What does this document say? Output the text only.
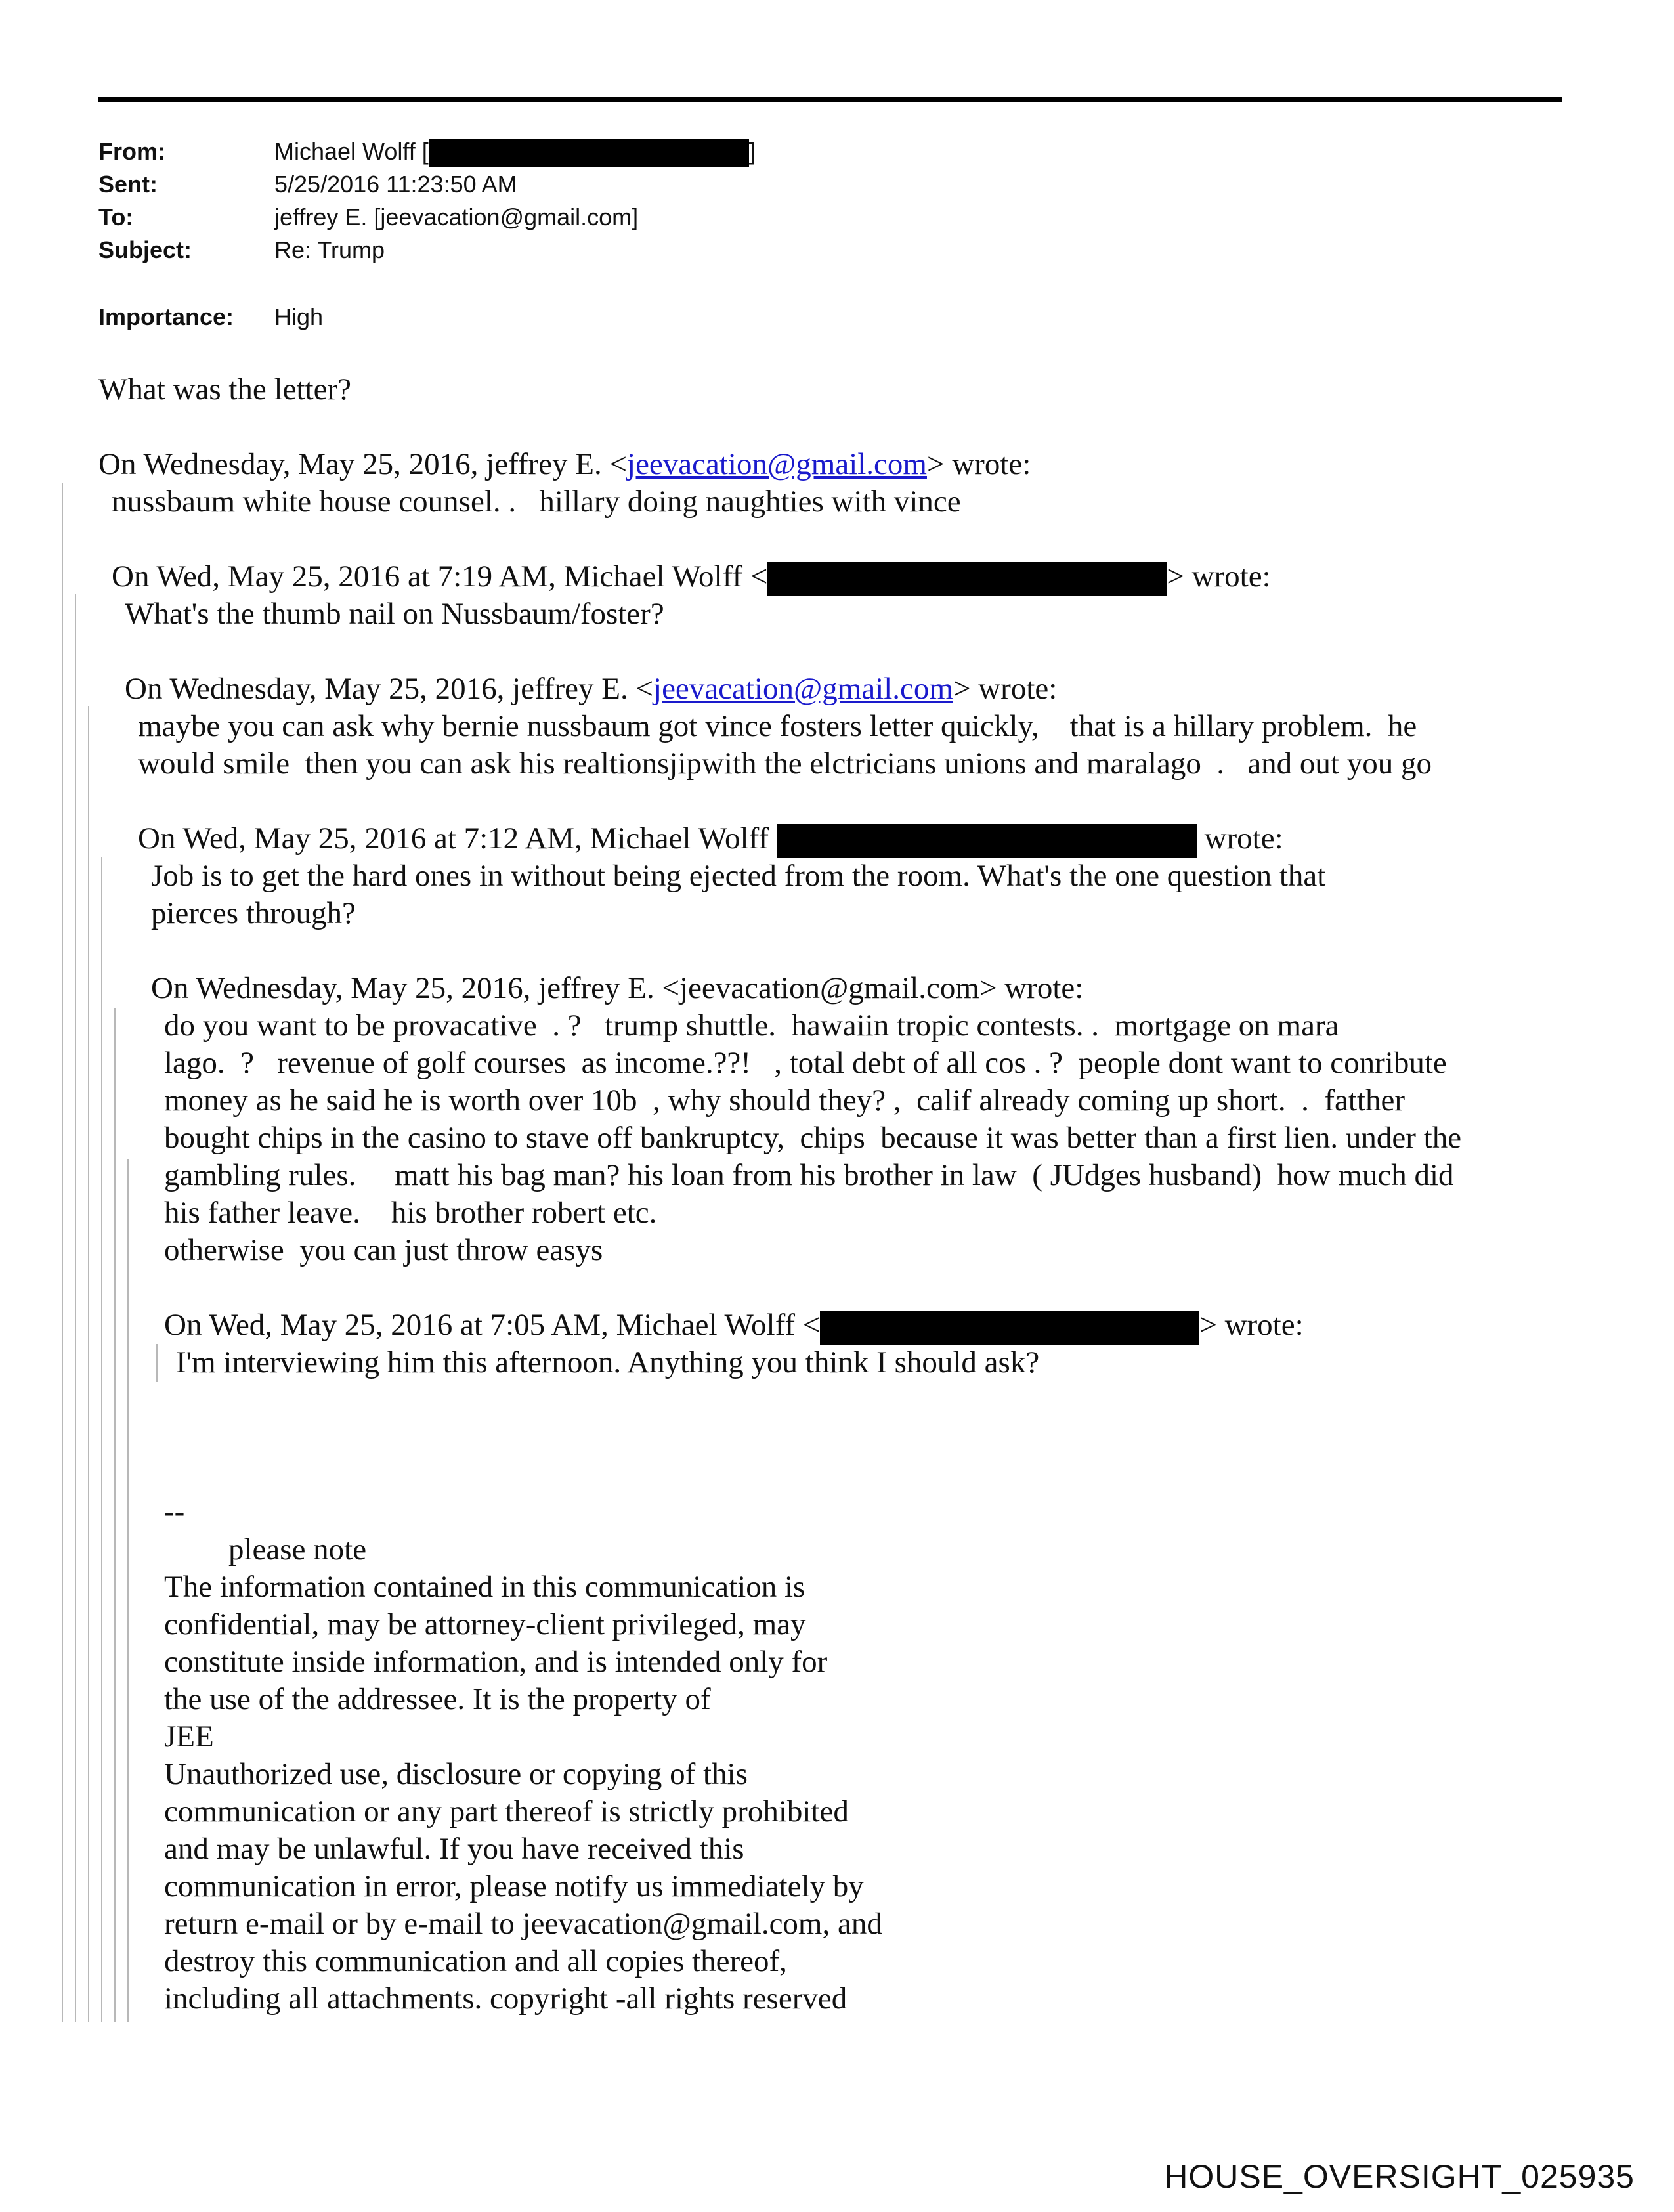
From:	Michael Wolff [	]
Sent:	5/25/2016 11:23:50 AM
To:	jeffrey E. [jeevacation@gmail.com]
Subject:	Re: Trump
Importance: High
What was the letter?
On Wednesday, May 25, 2016, jeffrey E. <jeevacation@gmail.com> wrote:
nussbaum white house counsel. .   hillary doing naughties with vince
On Wed, May 25, 2016 at 7:19 AM, Michael Wolff <	> wrote:
What's the thumb nail on Nussbaum/foster?
On Wednesday, May 25, 2016, jeffrey E. <jeevacation@gmail.com> wrote:
maybe you can ask why bernie nussbaum got vince fosters letter quickly,    that is a hillary problem.  he
would smile  then you can ask his realtionsjipwith the elctricians unions and maralago  .   and out you go
On Wed, May 25, 2016 at 7:12 AM, Michael Wolff	wrote:
Job is to get the hard ones in without being ejected from the room. What's the one question that
pierces through?
On Wednesday, May 25, 2016, jeffrey E. <jeevacation@gmail.com> wrote:
do you want to be provacative  . ?   trump shuttle.  hawaiin tropic contests. .  mortgage on mara
lago.  ?   revenue of golf courses  as income.??!   , total debt of all cos . ?  people dont want to conribute
money as he said he is worth over 10b  , why should they? ,  calif already coming up short.  .  fatther
bought chips in the casino to stave off bankruptcy,  chips  because it was better than a first lien. under the
gambling rules.     matt his bag man? his loan from his brother in law  ( JUdges husband)  how much did
his father leave.    his brother robert etc.
otherwise  you can just throw easys
On Wed, May 25, 2016 at 7:05 AM, Michael Wolff <	> wrote:
I'm interviewing him this afternoon. Anything you think I should ask?
--
please note
The information contained in this communication is
confidential, may be attorney-client privileged, may
constitute inside information, and is intended only for
the use of the addressee. It is the property of
JEE
Unauthorized use, disclosure or copying of this
communication or any part thereof is strictly prohibited
and may be unlawful. If you have received this
communication in error, please notify us immediately by
return e-mail or by e-mail to jeevacation@gmail.com, and
destroy this communication and all copies thereof,
including all attachments. copyright -all rights reserved
HOUSE_OVERSIGHT_025935
